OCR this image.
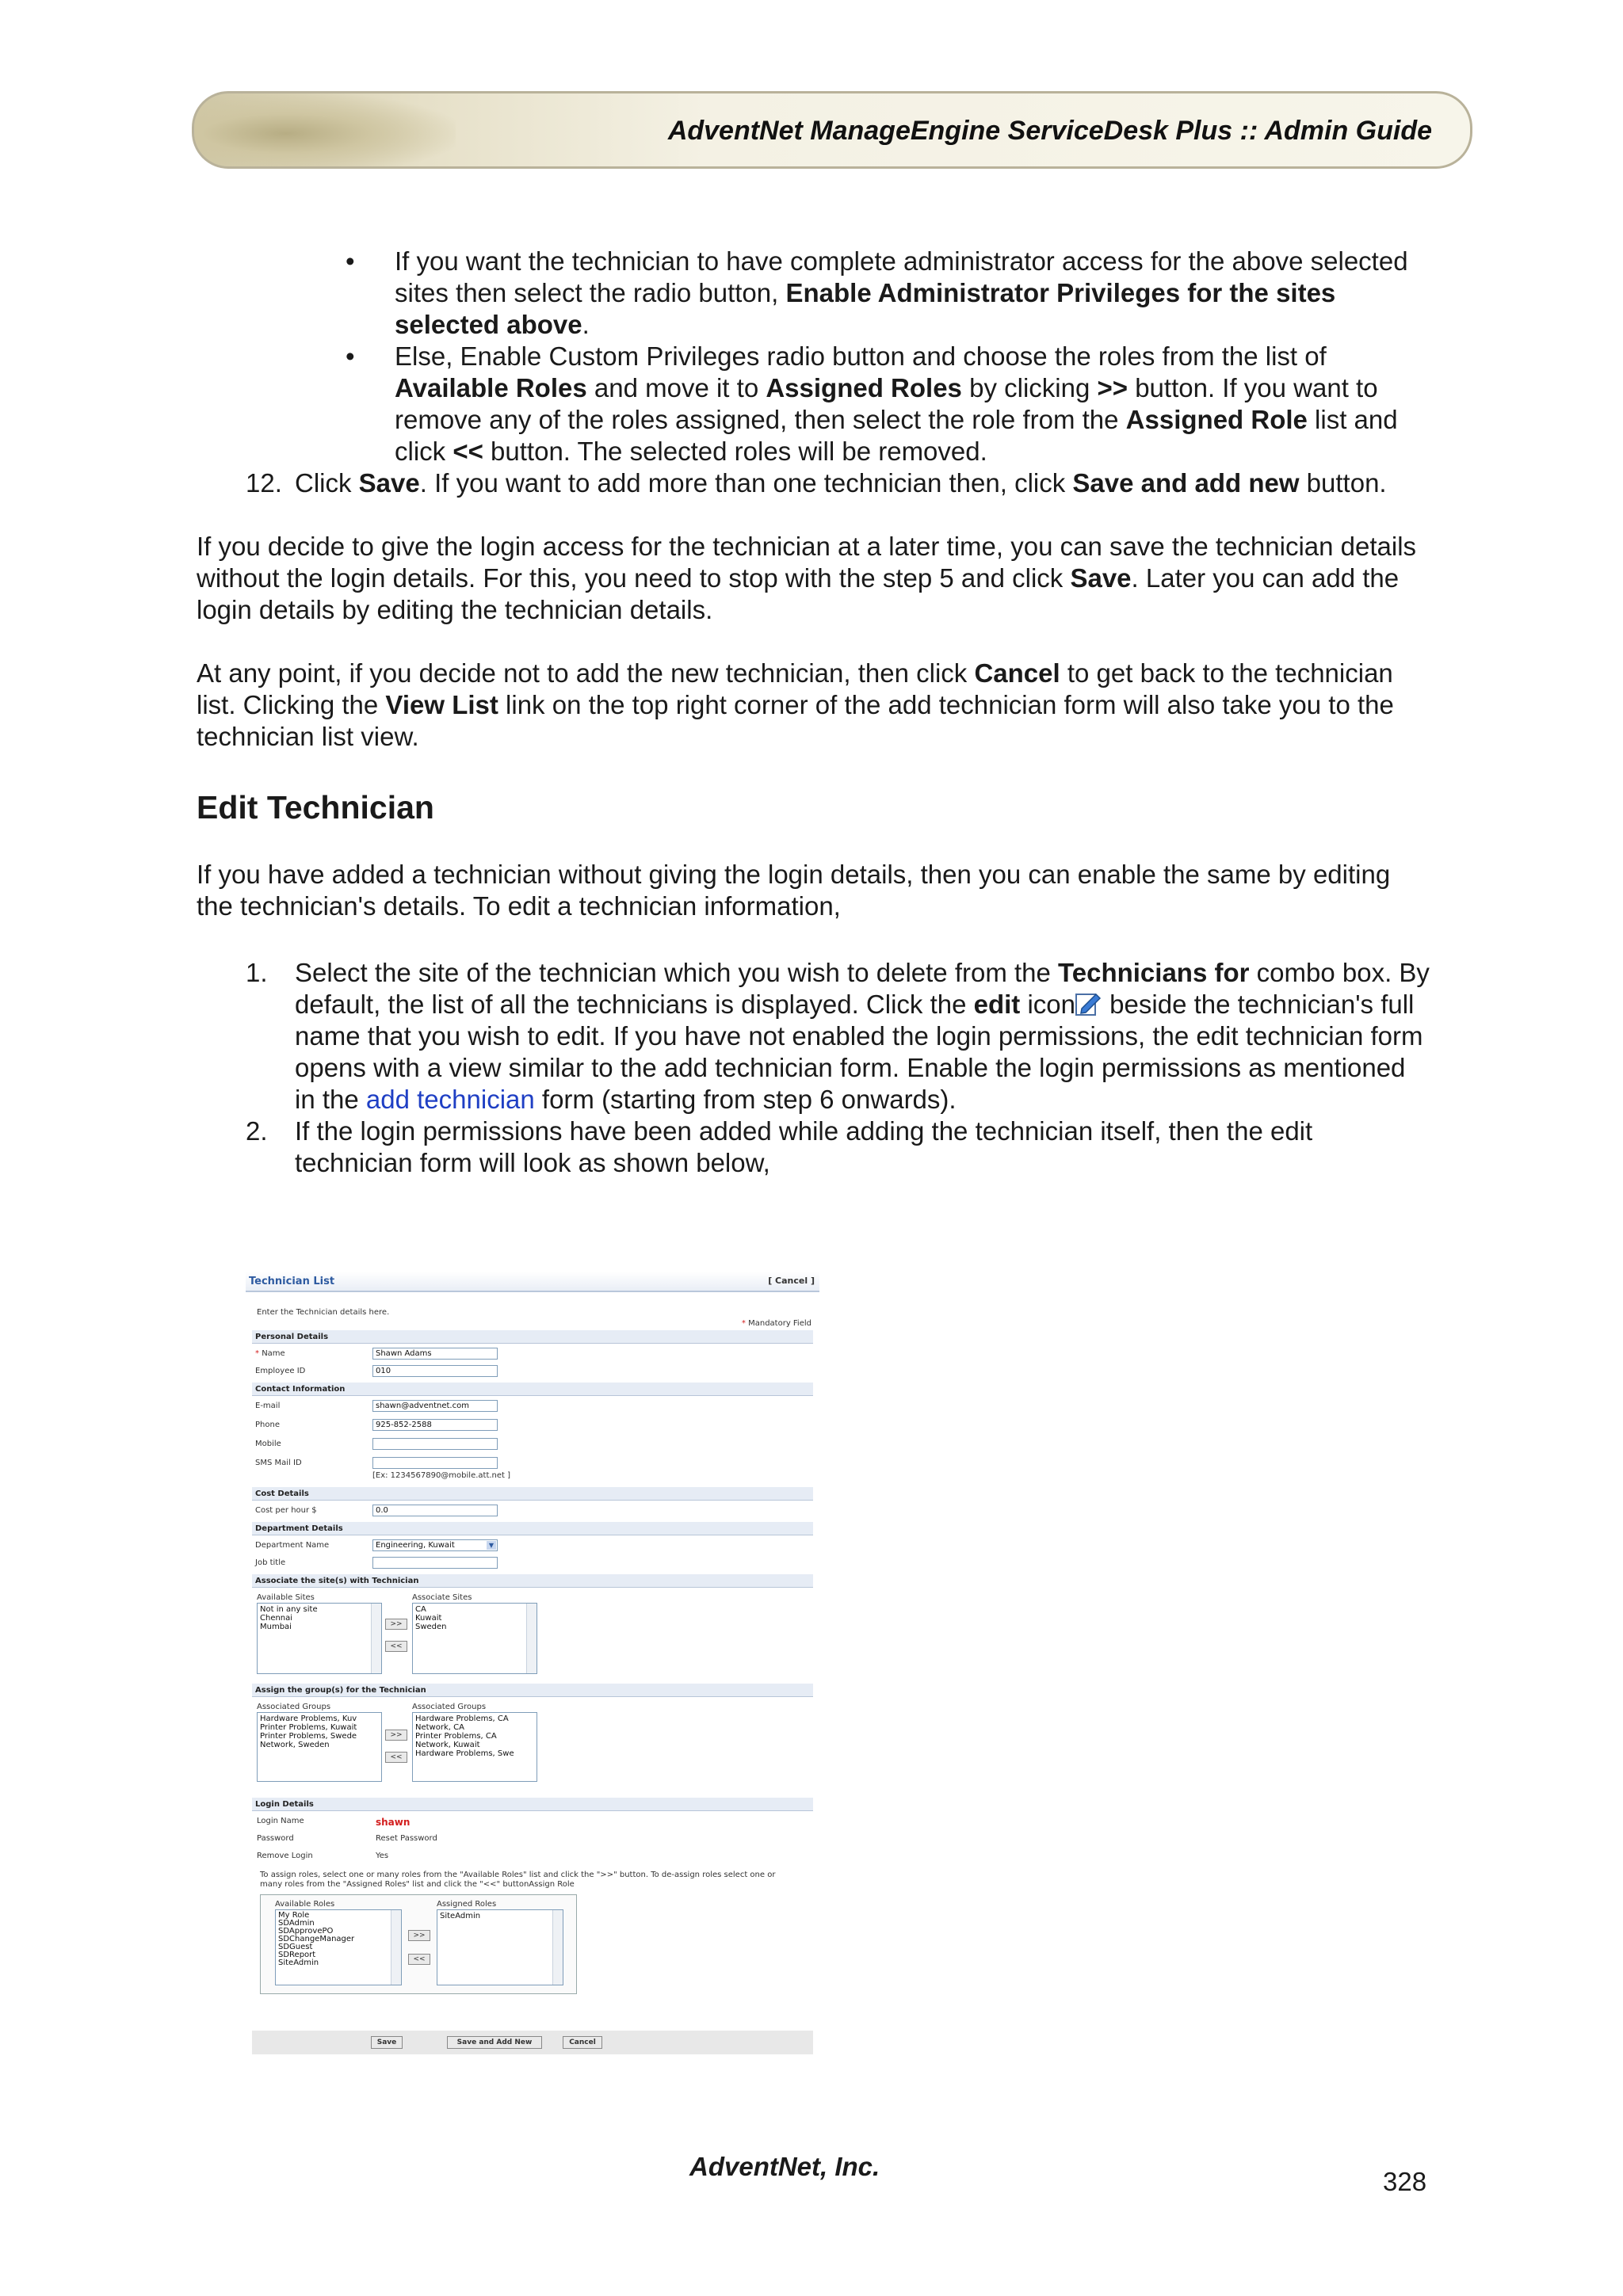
AdventNet ManageEngine ServiceDesk Plus :: Admin Guide
• If you want the technician to have complete administrator access for the above selected sites then select the radio button, Enable Administrator Privileges for the sites selected above.
• Else, Enable Custom Privileges radio button and choose the roles from the list of Available Roles and move it to Assigned Roles by clicking >> button. If you want to remove any of the roles assigned, then select the role from the Assigned Role list and click << button. The selected roles will be removed.
12. Click Save. If you want to add more than one technician then, click Save and add new button.

If you decide to give the login access for the technician at a later time, you can save the technician details without the login details. For this, you need to stop with the step 5 and click Save. Later you can add the login details by editing the technician details.

At any point, if you decide not to add the new technician, then click Cancel to get back to the technician list. Clicking the View List link on the top right corner of the add technician form will also take you to the technician list view.

Edit Technician

If you have added a technician without giving the login details, then you can enable the same by editing the technician's details. To edit a technician information,

1. Select the site of the technician which you wish to delete from the Technicians for combo box. By default, the list of all the technicians is displayed. Click the edit icon beside the technician's full name that you wish to edit. If you have not enabled the login permissions, the edit technician form opens with a view similar to the add technician form. Enable the login permissions as mentioned in the add technician form (starting from step 6 onwards).
2. If the login permissions have been added while adding the technician itself, then the edit technician form will look as shown below,
Technician List	[ Cancel ]
Enter the Technician details here.
* Mandatory Field
Personal Details
* Name	Shawn Adams
Employee ID	010
Contact Information
E-mail	shawn@adventnet.com
Phone	925-852-2588
Mobile
SMS Mail ID
[Ex: 1234567890@mobile.att.net ]
Cost Details
Cost per hour $	0.0
Department Details
Department Name	Engineering, Kuwait	▼
Job title
Associate the site(s) with Technician
Available Sites
Not in any site
Chennai
Mumbai	>>
<<
Associate Sites
CA
Kuwait
Sweden
Assign the group(s) for the Technician
Associated Groups
Hardware Problems, Kuv
Printer Problems, Kuwait
Printer Problems, Swede
Network, Sweden
>>
<<
Associated Groups
Hardware Problems, CA
Network, CA
Printer Problems, CA
Network, Kuwait
Hardware Problems, Swe
Login Details
Login Name	shawn
Password	Reset Password
Remove Login	Yes
To assign roles, select one or many roles from the "Available Roles" list and click the ">>" button. To de-assign roles select one or many roles from the "Assigned Roles" list and click the "<<" buttonAssign Role
Available Roles
My Role
SDAdmin
SDApprovePO
SDChangeManager
SDGuest
SDReport
SiteAdmin
>>
<<
Assigned Roles
SiteAdmin
Save	Save and Add New	Cancel
AdventNet, Inc.
328
